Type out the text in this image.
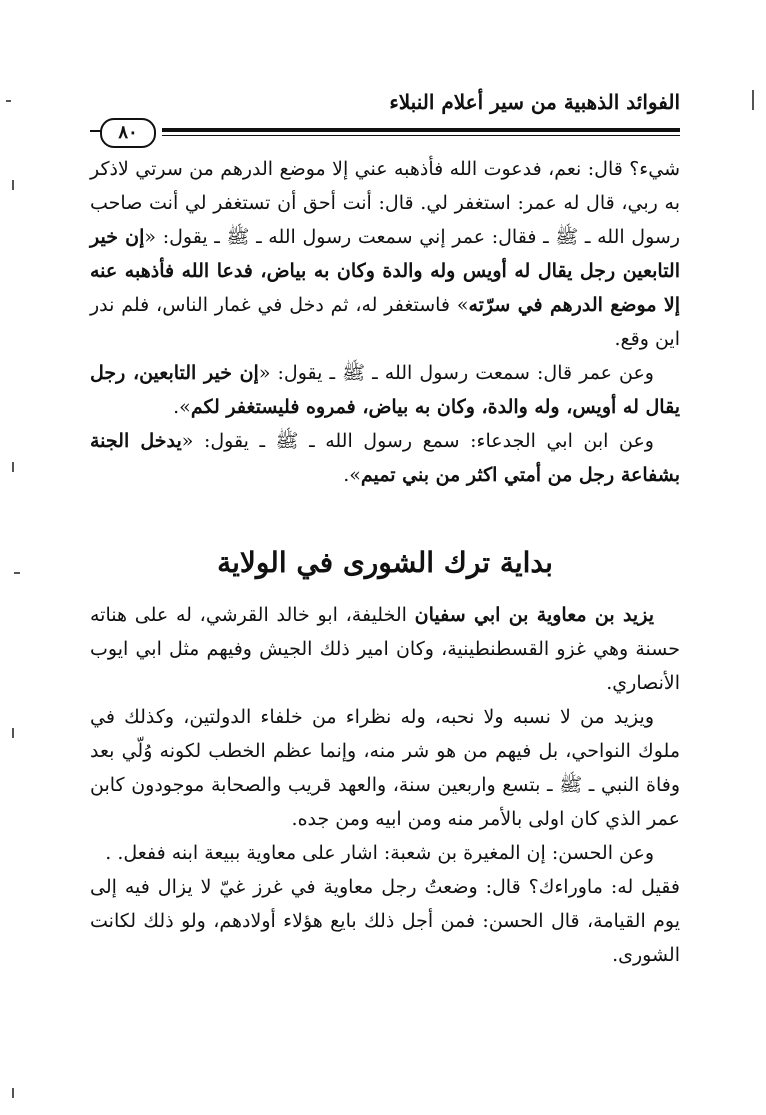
الفوائد الذهبية من سير أعلام النبلاء
٨٠

شيء؟ قال: نعم، فدعوت الله فأذهبه عني إلا موضع الدرهم من سرتي لاذكر به ربي، قال له عمر: استغفر لي. قال: أنت أحق أن تستغفر لي أنت صاحب رسول الله ـ ﷺ ـ فقال: عمر إني سمعت رسول الله ـ ﷺ ـ يقول: «إن خير التابعين رجل يقال له أويس وله والدة وكان به بياض، فدعا الله فأذهبه عنه إلا موضع الدرهم في سرّته» فاستغفر له، ثم دخل في غمار الناس، فلم ندر اين وقع.

وعن عمر قال: سمعت رسول الله ـ ﷺ ـ يقول: «إن خير التابعين، رجل يقال له أويس، وله والدة، وكان به بياض، فمروه فليستغفر لكم».

وعن ابن ابي الجدعاء: سمع رسول الله ـ ﷺ ـ يقول: «يدخل الجنة بشفاعة رجل من أمتي اكثر من بني تميم».

بداية ترك الشورى في الولاية

يزيد بن معاوية بن ابي سفيان الخليفة، ابو خالد القرشي، له على هناته حسنة وهي غزو القسطنطينية، وكان امير ذلك الجيش وفيهم مثل ابي ايوب الأنصاري.

ويزيد من لا نسبه ولا نحبه، وله نظراء من خلفاء الدولتين، وكذلك في ملوك النواحي، بل فيهم من هو شر منه، وإنما عظم الخطب لكونه وُلّي بعد وفاة النبي ـ ﷺ ـ بتسع واربعين سنة، والعهد قريب والصحابة موجودون كابن عمر الذي كان اولى بالأمر منه ومن ابيه ومن جده.

وعن الحسن: إن المغيرة بن شعبة: اشار على معاوية ببيعة ابنه ففعل. .

فقيل له: ماوراءك؟ قال: وضعتُ رجل معاوية في غرز غيّ لا يزال فيه إلى يوم القيامة، قال الحسن: فمن أجل ذلك بايع هؤلاء أولادهم، ولو ذلك لكانت الشورى.
